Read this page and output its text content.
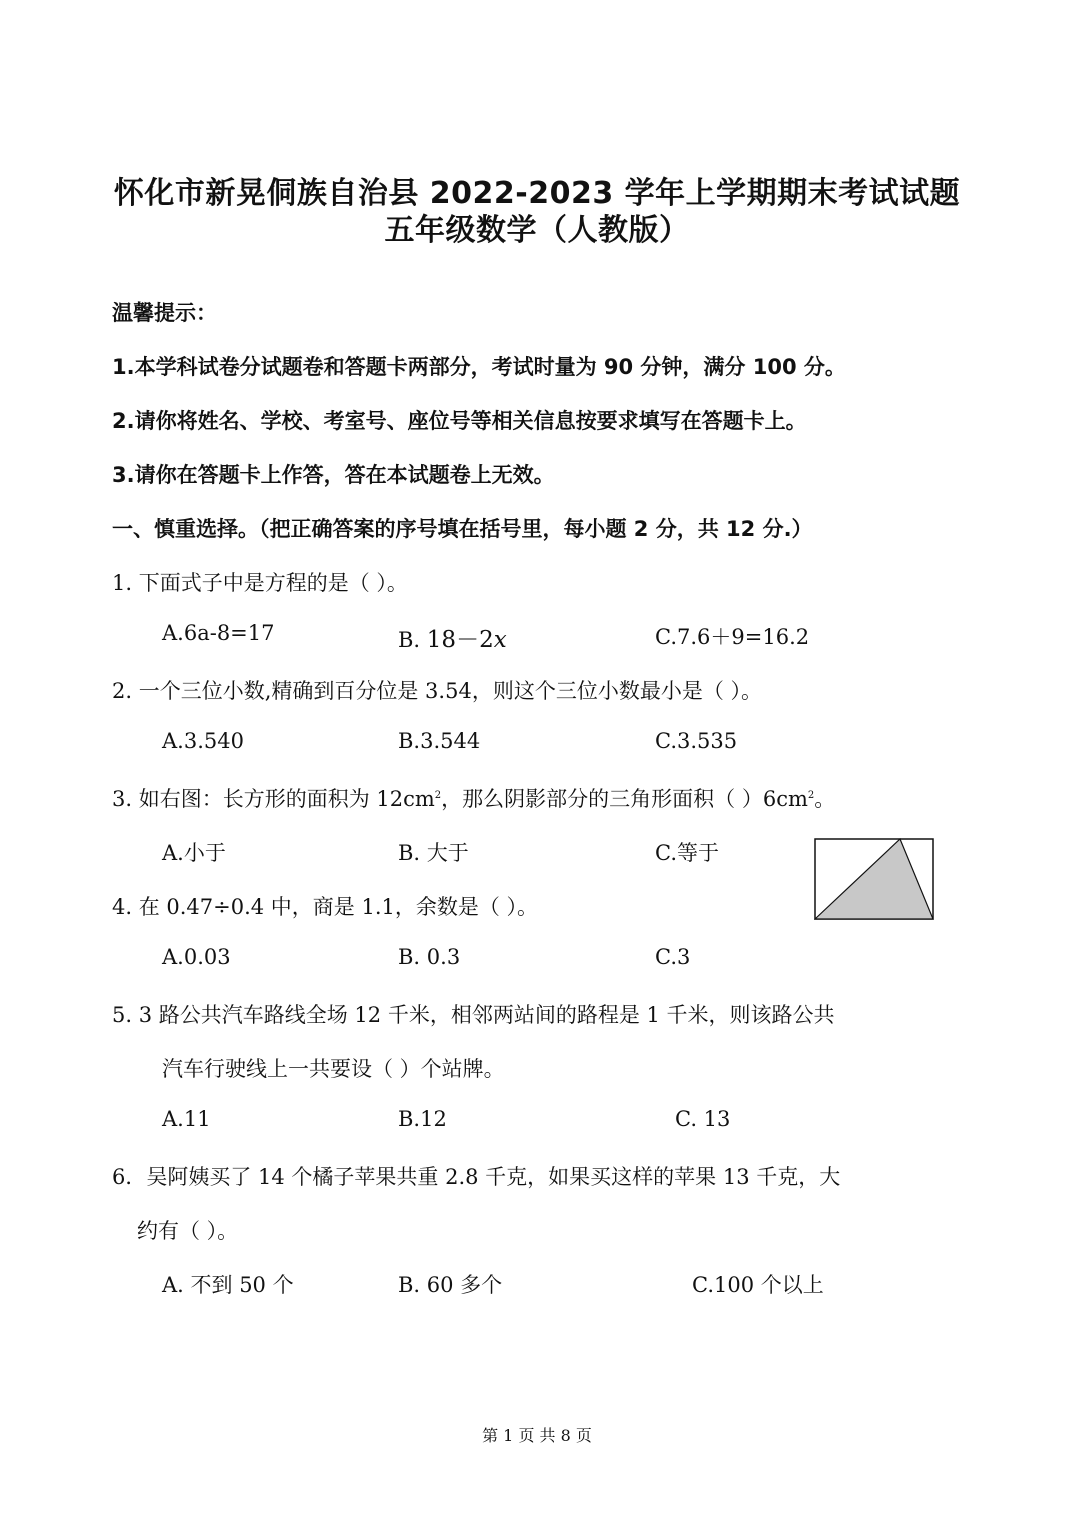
怀化市新晃侗族自治县 2022-2023 学年上学期期末考试试题
五年级数学（人教版）
温馨提示：
1.本学科试卷分试题卷和答题卡两部分，考试时量为 90 分钟，满分 100 分。
2.请你将姓名、学校、考室号、座位号等相关信息按要求填写在答题卡上。
3.请你在答题卡上作答，答在本试题卷上无效。
一、慎重选择。（把正确答案的序号填在括号里，每小题 2 分，共 12 分.）
1. 下面式子中是方程的是（ ）。
A.6a-8=17	B. 18－2x	C.7.6＋9=16.2
2. 一个三位小数,精确到百分位是 3.54，则这个三位小数最小是（ ）。
A.3.540	B.3.544	C.3.535
3. 如右图：长方形的面积为 $12cm^2$，那么阴影部分的三角形面积（ ）$6cm^2$。
A.小于	B. 大于	C.等于
4. 在 0.47÷0.4 中，商是 1.1，余数是（ ）。
A.0.03	B. 0.3	C.3
5. 3 路公共汽车路线全场 12 千米，相邻两站间的路程是 1 千米，则该路公共
汽车行驶线上一共要设（ ）个站牌。
A.11	B.12	C. 13
6．吴阿姨买了 14 个橘子苹果共重 2.8 千克，如果买这样的苹果 13 千克，大
约有（ ）。
A. 不到 50 个	B. 60 多个	C.100 个以上
第 1 页 共 8 页
